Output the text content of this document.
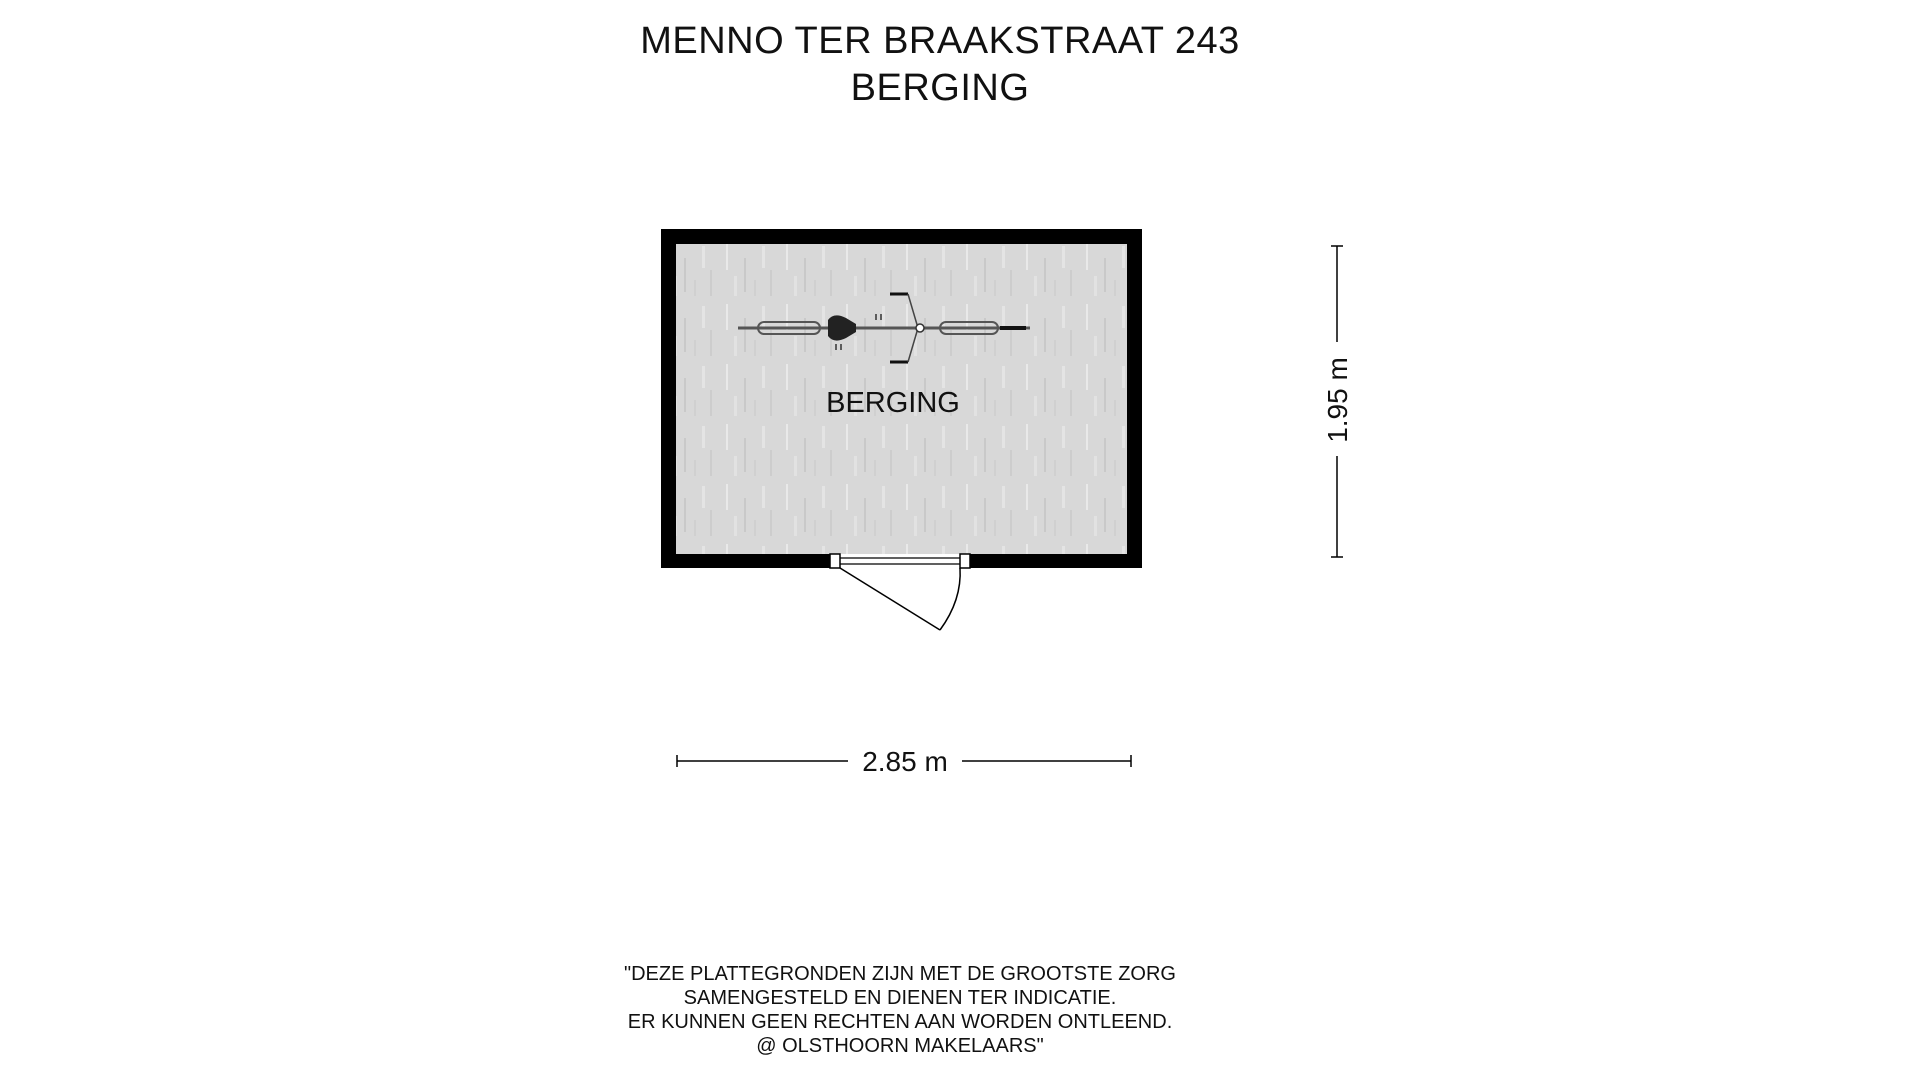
MENNO TER BRAAKSTRAAT 243
BERGING
BERGING
2.85 m
1.95 m
"DEZE PLATTEGRONDEN ZIJN MET DE GROOTSTE ZORG
SAMENGESTELD EN DIENEN TER INDICATIE.
ER KUNNEN GEEN RECHTEN AAN WORDEN ONTLEEND.
@ OLSTHOORN MAKELAARS"
